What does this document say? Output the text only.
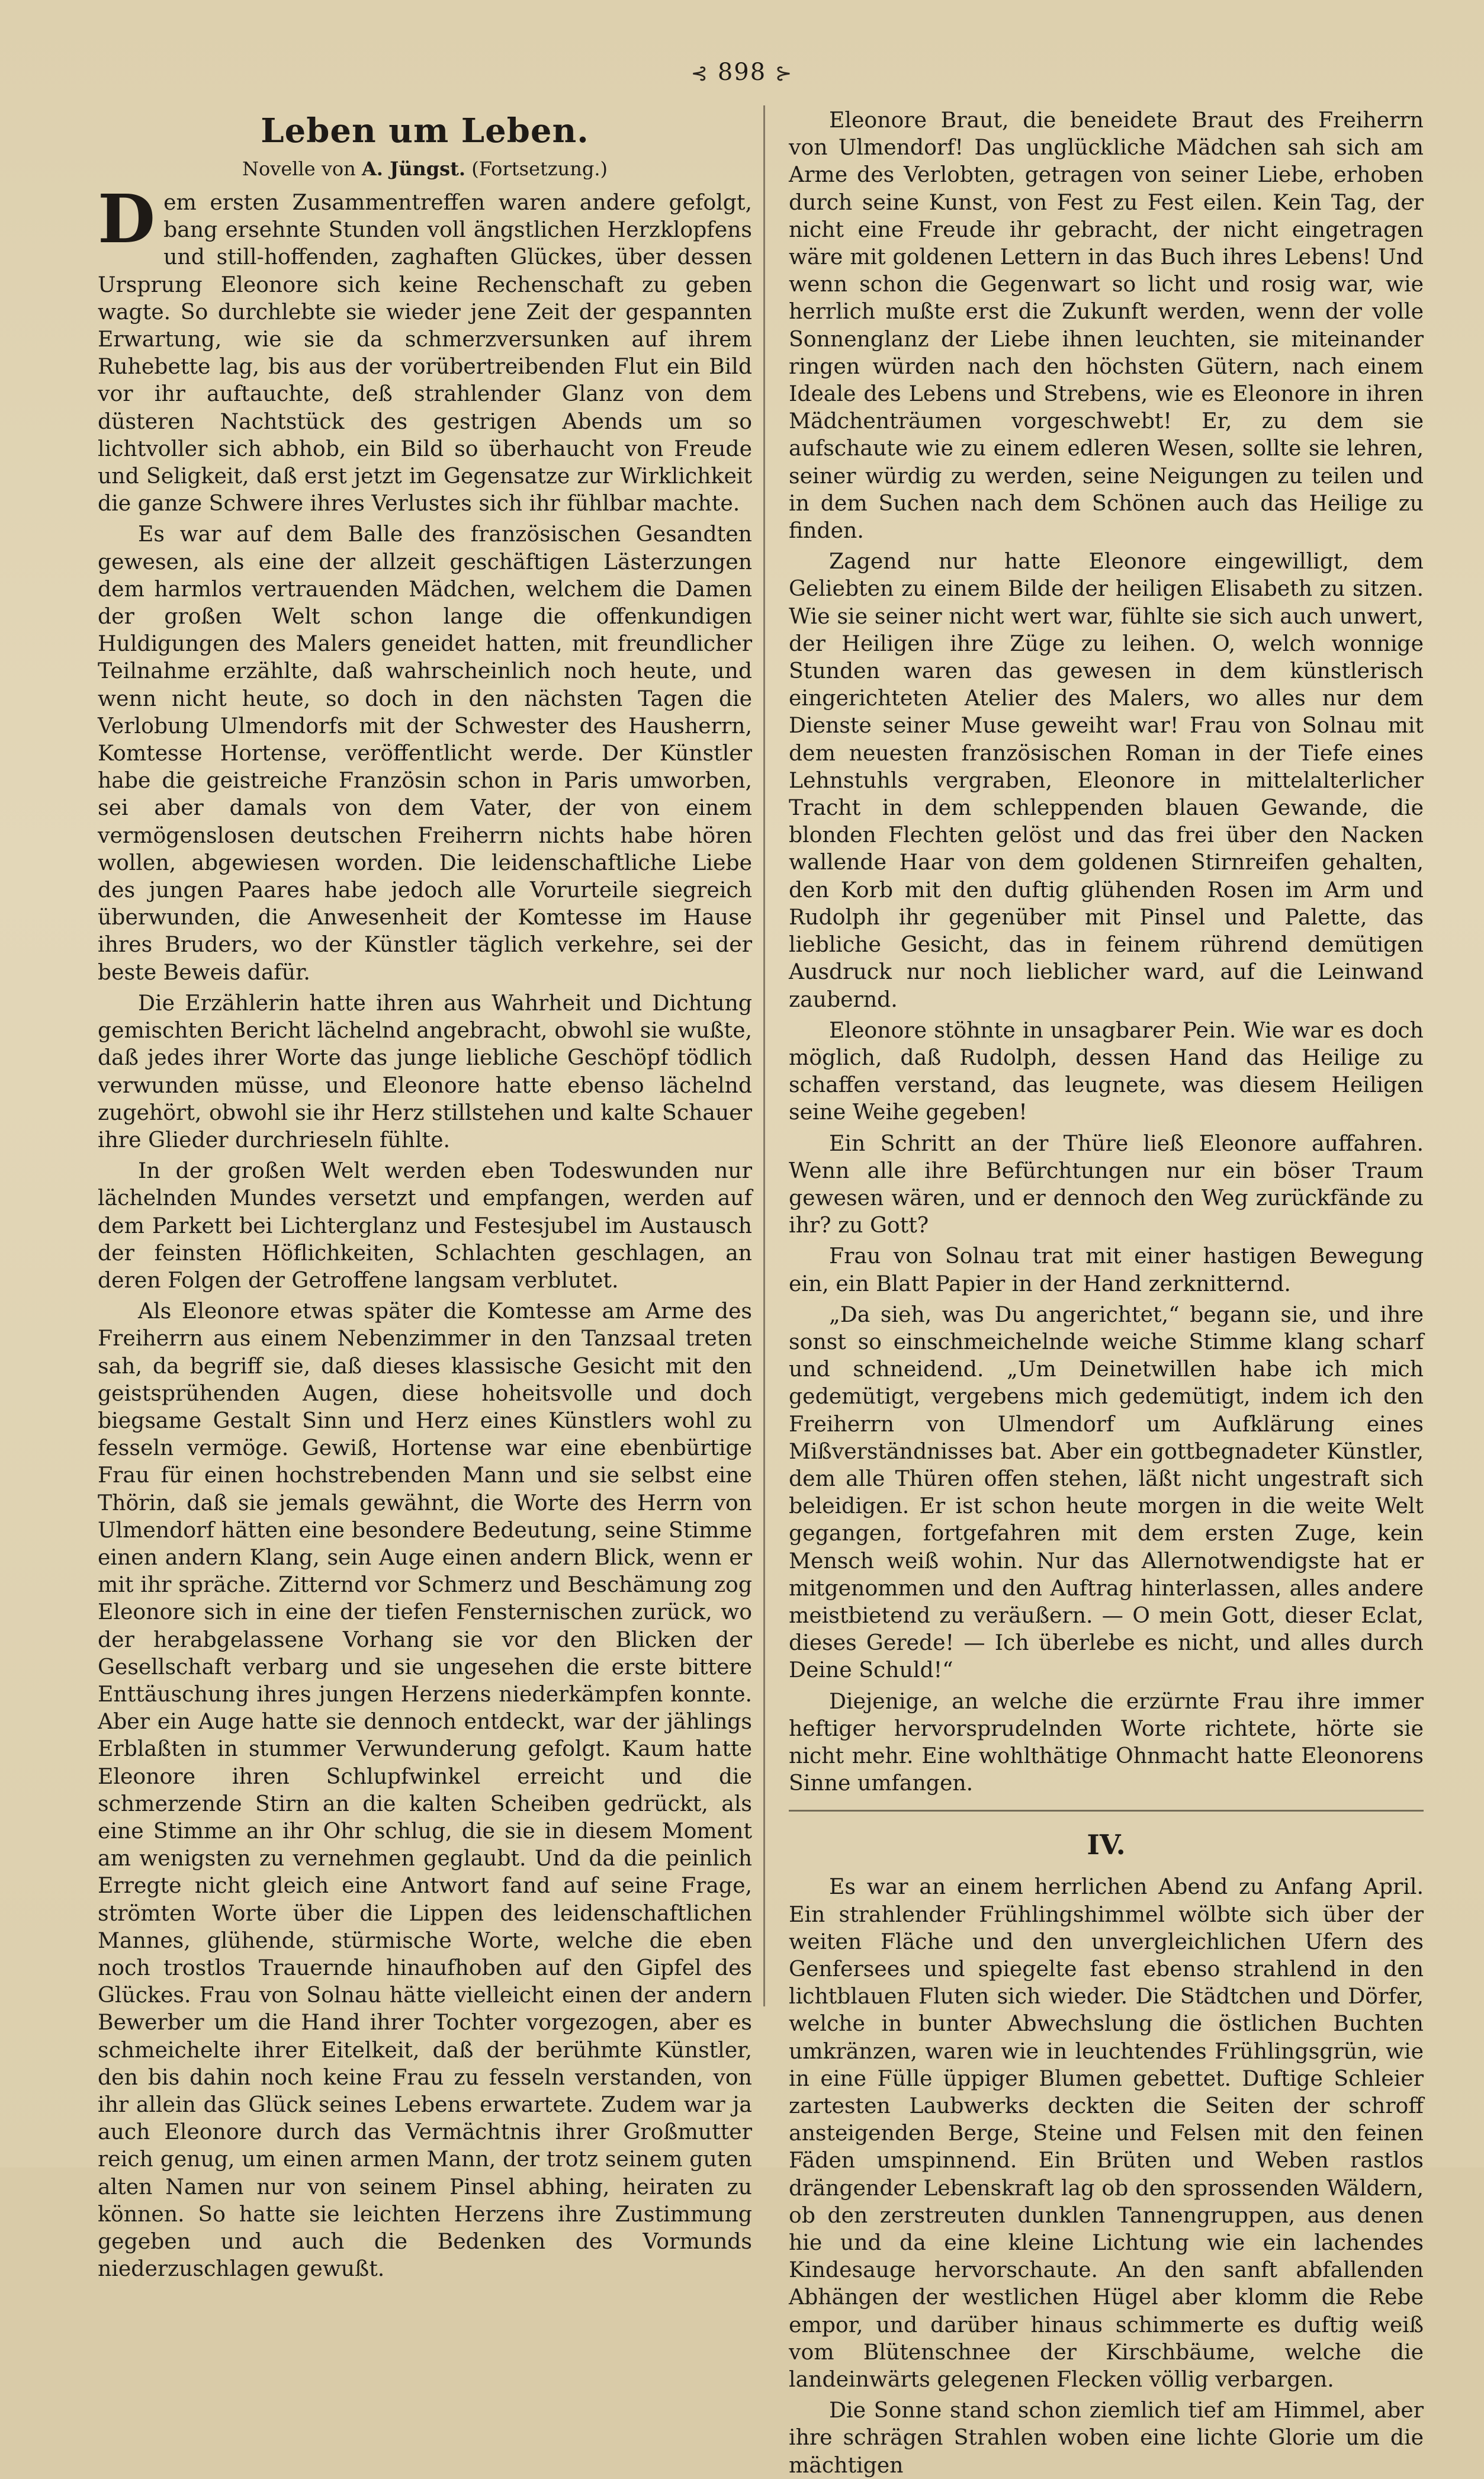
⊰ 898 ⊱
Leben um Leben.
Novelle von A. Jüngst. (Fortsetzung.)

Dem ersten Zusammentreffen waren andere gefolgt, bang ersehnte Stunden voll ängstlichen Herzklopfens und still-hoffenden, zaghaften Glückes, über dessen Ursprung Eleonore sich keine Rechenschaft zu geben wagte. So durchlebte sie wieder jene Zeit der gespannten Erwartung, wie sie da schmerzversunken auf ihrem Ruhebette lag, bis aus der vorübertreibenden Flut ein Bild vor ihr auftauchte, deß strahlender Glanz von dem düsteren Nachtstück des gestrigen Abends um so lichtvoller sich abhob, ein Bild so überhaucht von Freude und Seligkeit, daß erst jetzt im Gegensatze zur Wirklichkeit die ganze Schwere ihres Verlustes sich ihr fühlbar machte.

Es war auf dem Balle des französischen Gesandten gewesen, als eine der allzeit geschäftigen Lästerzungen dem harmlos vertrauenden Mädchen, welchem die Damen der großen Welt schon lange die offenkundigen Huldigungen des Malers geneidet hatten, mit freundlicher Teilnahme erzählte, daß wahrscheinlich noch heute, und wenn nicht heute, so doch in den nächsten Tagen die Verlobung Ulmendorfs mit der Schwester des Hausherrn, Komtesse Hortense, veröffentlicht werde. Der Künstler habe die geistreiche Französin schon in Paris umworben, sei aber damals von dem Vater, der von einem vermögenslosen deutschen Freiherrn nichts habe hören wollen, abgewiesen worden. Die leidenschaftliche Liebe des jungen Paares habe jedoch alle Vorurteile siegreich überwunden, die Anwesenheit der Komtesse im Hause ihres Bruders, wo der Künstler täglich verkehre, sei der beste Beweis dafür.

Die Erzählerin hatte ihren aus Wahrheit und Dichtung gemischten Bericht lächelnd angebracht, obwohl sie wußte, daß jedes ihrer Worte das junge liebliche Geschöpf tödlich verwunden müsse, und Eleonore hatte ebenso lächelnd zugehört, obwohl sie ihr Herz stillstehen und kalte Schauer ihre Glieder durchrieseln fühlte.

In der großen Welt werden eben Todeswunden nur lächelnden Mundes versetzt und empfangen, werden auf dem Parkett bei Lichterglanz und Festesjubel im Austausch der feinsten Höflichkeiten, Schlachten geschlagen, an deren Folgen der Getroffene langsam verblutet.

Als Eleonore etwas später die Komtesse am Arme des Freiherrn aus einem Nebenzimmer in den Tanzsaal treten sah, da begriff sie, daß dieses klassische Gesicht mit den geistsprühenden Augen, diese hoheitsvolle und doch biegsame Gestalt Sinn und Herz eines Künstlers wohl zu fesseln vermöge. Gewiß, Hortense war eine ebenbürtige Frau für einen hochstrebenden Mann und sie selbst eine Thörin, daß sie jemals gewähnt, die Worte des Herrn von Ulmendorf hätten eine besondere Bedeutung, seine Stimme einen andern Klang, sein Auge einen andern Blick, wenn er mit ihr spräche. Zitternd vor Schmerz und Beschämung zog Eleonore sich in eine der tiefen Fensternischen zurück, wo der herabgelassene Vorhang sie vor den Blicken der Gesellschaft verbarg und sie ungesehen die erste bittere Enttäuschung ihres jungen Herzens niederkämpfen konnte. Aber ein Auge hatte sie dennoch entdeckt, war der jählings Erblaßten in stummer Verwunderung gefolgt. Kaum hatte Eleonore ihren Schlupfwinkel erreicht und die schmerzende Stirn an die kalten Scheiben gedrückt, als eine Stimme an ihr Ohr schlug, die sie in diesem Moment am wenigsten zu vernehmen geglaubt. Und da die peinlich Erregte nicht gleich eine Antwort fand auf seine Frage, strömten Worte über die Lippen des leidenschaftlichen Mannes, glühende, stürmische Worte, welche die eben noch trostlos Trauernde hinaufhoben auf den Gipfel des Glückes. Frau von Solnau hätte vielleicht einen der andern Bewerber um die Hand ihrer Tochter vorgezogen, aber es schmeichelte ihrer Eitelkeit, daß der berühmte Künstler, den bis dahin noch keine Frau zu fesseln verstanden, von ihr allein das Glück seines Lebens erwartete. Zudem war ja auch Eleonore durch das Vermächtnis ihrer Großmutter reich genug, um einen armen Mann, der trotz seinem guten alten Namen nur von seinem Pinsel abhing, heiraten zu können. So hatte sie leichten Herzens ihre Zustimmung gegeben und auch die Bedenken des Vormunds niederzuschlagen gewußt.

Eleonore Braut, die beneidete Braut des Freiherrn von Ulmendorf! Das unglückliche Mädchen sah sich am Arme des Verlobten, getragen von seiner Liebe, erhoben durch seine Kunst, von Fest zu Fest eilen. Kein Tag, der nicht eine Freude ihr gebracht, der nicht eingetragen wäre mit goldenen Lettern in das Buch ihres Lebens! Und wenn schon die Gegenwart so licht und rosig war, wie herrlich mußte erst die Zukunft werden, wenn der volle Sonnenglanz der Liebe ihnen leuchten, sie miteinander ringen würden nach den höchsten Gütern, nach einem Ideale des Lebens und Strebens, wie es Eleonore in ihren Mädchenträumen vorgeschwebt! Er, zu dem sie aufschaute wie zu einem edleren Wesen, sollte sie lehren, seiner würdig zu werden, seine Neigungen zu teilen und in dem Suchen nach dem Schönen auch das Heilige zu finden.

Zagend nur hatte Eleonore eingewilligt, dem Geliebten zu einem Bilde der heiligen Elisabeth zu sitzen. Wie sie seiner nicht wert war, fühlte sie sich auch unwert, der Heiligen ihre Züge zu leihen. O, welch wonnige Stunden waren das gewesen in dem künstlerisch eingerichteten Atelier des Malers, wo alles nur dem Dienste seiner Muse geweiht war! Frau von Solnau mit dem neuesten französischen Roman in der Tiefe eines Lehnstuhls vergraben, Eleonore in mittelalterlicher Tracht in dem schleppenden blauen Gewande, die blonden Flechten gelöst und das frei über den Nacken wallende Haar von dem goldenen Stirnreifen gehalten, den Korb mit den duftig glühenden Rosen im Arm und Rudolph ihr gegenüber mit Pinsel und Palette, das liebliche Gesicht, das in feinem rührend demütigen Ausdruck nur noch lieblicher ward, auf die Leinwand zaubernd.

Eleonore stöhnte in unsagbarer Pein. Wie war es doch möglich, daß Rudolph, dessen Hand das Heilige zu schaffen verstand, das leugnete, was diesem Heiligen seine Weihe gegeben!

Ein Schritt an der Thüre ließ Eleonore auffahren. Wenn alle ihre Befürchtungen nur ein böser Traum gewesen wären, und er dennoch den Weg zurückfände zu ihr? zu Gott?

Frau von Solnau trat mit einer hastigen Bewegung ein, ein Blatt Papier in der Hand zerknitternd.

„Da sieh, was Du angerichtet,“ begann sie, und ihre sonst so einschmeichelnde weiche Stimme klang scharf und schneidend. „Um Deinetwillen habe ich mich gedemütigt, vergebens mich gedemütigt, indem ich den Freiherrn von Ulmendorf um Aufklärung eines Mißverständnisses bat. Aber ein gottbegnadeter Künstler, dem alle Thüren offen stehen, läßt nicht ungestraft sich beleidigen. Er ist schon heute morgen in die weite Welt gegangen, fortgefahren mit dem ersten Zuge, kein Mensch weiß wohin. Nur das Allernotwendigste hat er mitgenommen und den Auftrag hinterlassen, alles andere meistbietend zu veräußern. — O mein Gott, dieser Eclat, dieses Gerede! — Ich überlebe es nicht, und alles durch Deine Schuld!“

Diejenige, an welche die erzürnte Frau ihre immer heftiger hervorsprudelnden Worte richtete, hörte sie nicht mehr. Eine wohlthätige Ohnmacht hatte Eleonorens Sinne umfangen.

IV.

Es war an einem herrlichen Abend zu Anfang April. Ein strahlender Frühlingshimmel wölbte sich über der weiten Fläche und den unvergleichlichen Ufern des Genfersees und spiegelte fast ebenso strahlend in den lichtblauen Fluten sich wieder. Die Städtchen und Dörfer, welche in bunter Abwechslung die östlichen Buchten umkränzen, waren wie in leuchtendes Frühlingsgrün, wie in eine Fülle üppiger Blumen gebettet. Duftige Schleier zartesten Laubwerks deckten die Seiten der schroff ansteigenden Berge, Steine und Felsen mit den feinen Fäden umspinnend. Ein Brüten und Weben rastlos drängender Lebenskraft lag ob den sprossenden Wäldern, ob den zerstreuten dunklen Tannengruppen, aus denen hie und da eine kleine Lichtung wie ein lachendes Kindesauge hervorschaute. An den sanft abfallenden Abhängen der westlichen Hügel aber klomm die Rebe empor, und darüber hinaus schimmerte es duftig weiß vom Blütenschnee der Kirschbäume, welche die landeinwärts gelegenen Flecken völlig verbargen.

Die Sonne stand schon ziemlich tief am Himmel, aber ihre schrägen Strahlen woben eine lichte Glorie um die mächtigen
